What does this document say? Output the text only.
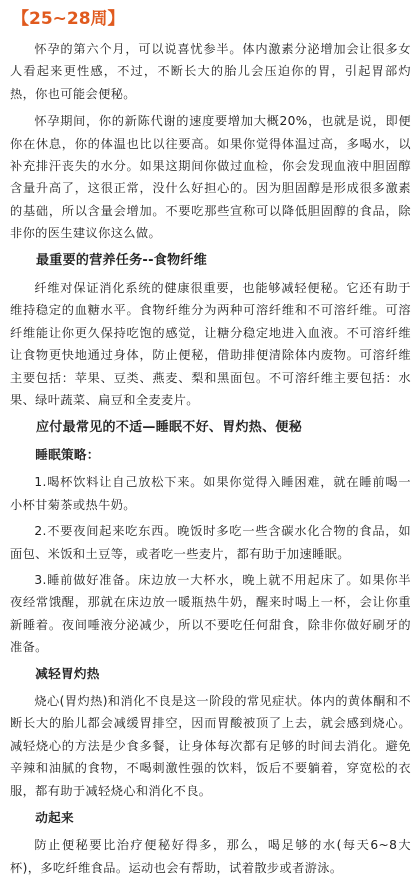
【25~28周】

怀孕的第六个月，可以说喜忧参半。体内激素分泌增加会让很多女人看起来更性感，不过，不断长大的胎儿会压迫你的胃，引起胃部灼热，你也可能会便秘。

怀孕期间，你的新陈代谢的速度要增加大概20%，也就是说，即便你在休息，你的体温也比以往要高。如果你觉得体温过高，多喝水，以补充排汗丧失的水分。如果这期间你做过血检，你会发现血液中胆固醇含量升高了，这很正常，没什么好担心的。因为胆固醇是形成很多激素的基础，所以含量会增加。不要吃那些宣称可以降低胆固醇的食品，除非你的医生建议你这么做。

最重要的营养任务--食物纤维

纤维对保证消化系统的健康很重要，也能够减轻便秘。它还有助于维持稳定的血糖水平。食物纤维分为两种可溶纤维和不可溶纤维。可溶纤维能让你更久保持吃饱的感觉，让糖分稳定地进入血液。不可溶纤维让食物更快地通过身体，防止便秘，借助排便清除体内废物。可溶纤维主要包括：苹果、豆类、燕麦、梨和黑面包。不可溶纤维主要包括：水果、绿叶蔬菜、扁豆和全麦麦片。

应付最常见的不适—睡眠不好、胃灼热、便秘
睡眠策略：

1.喝杯饮料让自己放松下来。如果你觉得入睡困难，就在睡前喝一小杯甘菊茶或热牛奶。

2.不要夜间起来吃东西。晚饭时多吃一些含碳水化合物的食品，如面包、米饭和土豆等，或者吃一些麦片，都有助于加速睡眠。

3.睡前做好准备。床边放一大杯水，晚上就不用起床了。如果你半夜经常饿醒，那就在床边放一暖瓶热牛奶，醒来时喝上一杯，会让你重新睡着。夜间唾液分泌减少，所以不要吃任何甜食，除非你做好刷牙的准备。

减轻胃灼热

烧心(胃灼热)和消化不良是这一阶段的常见症状。体内的黄体酮和不断长大的胎儿都会减缓胃排空，因而胃酸被顶了上去，就会感到烧心。减轻烧心的方法是少食多餐，让身体每次都有足够的时间去消化。避免辛辣和油腻的食物，不喝刺激性强的饮料，饭后不要躺着，穿宽松的衣服，都有助于减轻烧心和消化不良。

动起来

防止便秘要比治疗便秘好得多，那么，喝足够的水(每天6~8大杯)，多吃纤维食品。运动也会有帮助，试着散步或者游泳。
